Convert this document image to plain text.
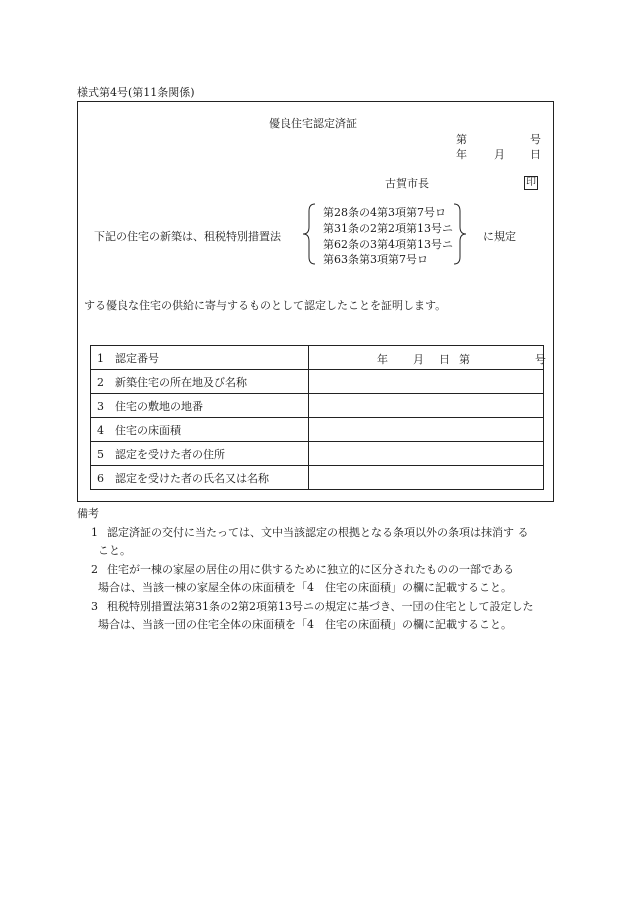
様式第4号(第11条関係)
優良住宅認定済証
第	号
年 月 日
古賀市長	印
下記の住宅の新築は、租税特別措置法
第28条の4第3項第7号ロ
第31条の2第2項第13号ニ
第62条の3第4項第13号ニ
第63条第3項第7号ロ
に規定
する優良な住宅の供給に寄与するものとして認定したことを証明します。
1 認定番号	年 月 日 第 号

2 新築住宅の所在地及び名称	
3 住宅の敷地の地番	
4 住宅の床面積	
5 認定を受けた者の住所	
6 認定を受けた者の氏名又は名称	
備考
1 認定済証の交付に当たっては、文中当該認定の根拠となる条項以外の条項は抹消す る
こと。
2 住宅が一棟の家屋の居住の用に供するために独立的に区分されたものの一部である
場合は、当該一棟の家屋全体の床面積を「4　住宅の床面積」の欄に記載すること。
3 租税特別措置法第31条の2第2項第13号ニの規定に基づき、一団の住宅として設定した
場合は、当該一団の住宅全体の床面積を「4　住宅の床面積」の欄に記載すること。
